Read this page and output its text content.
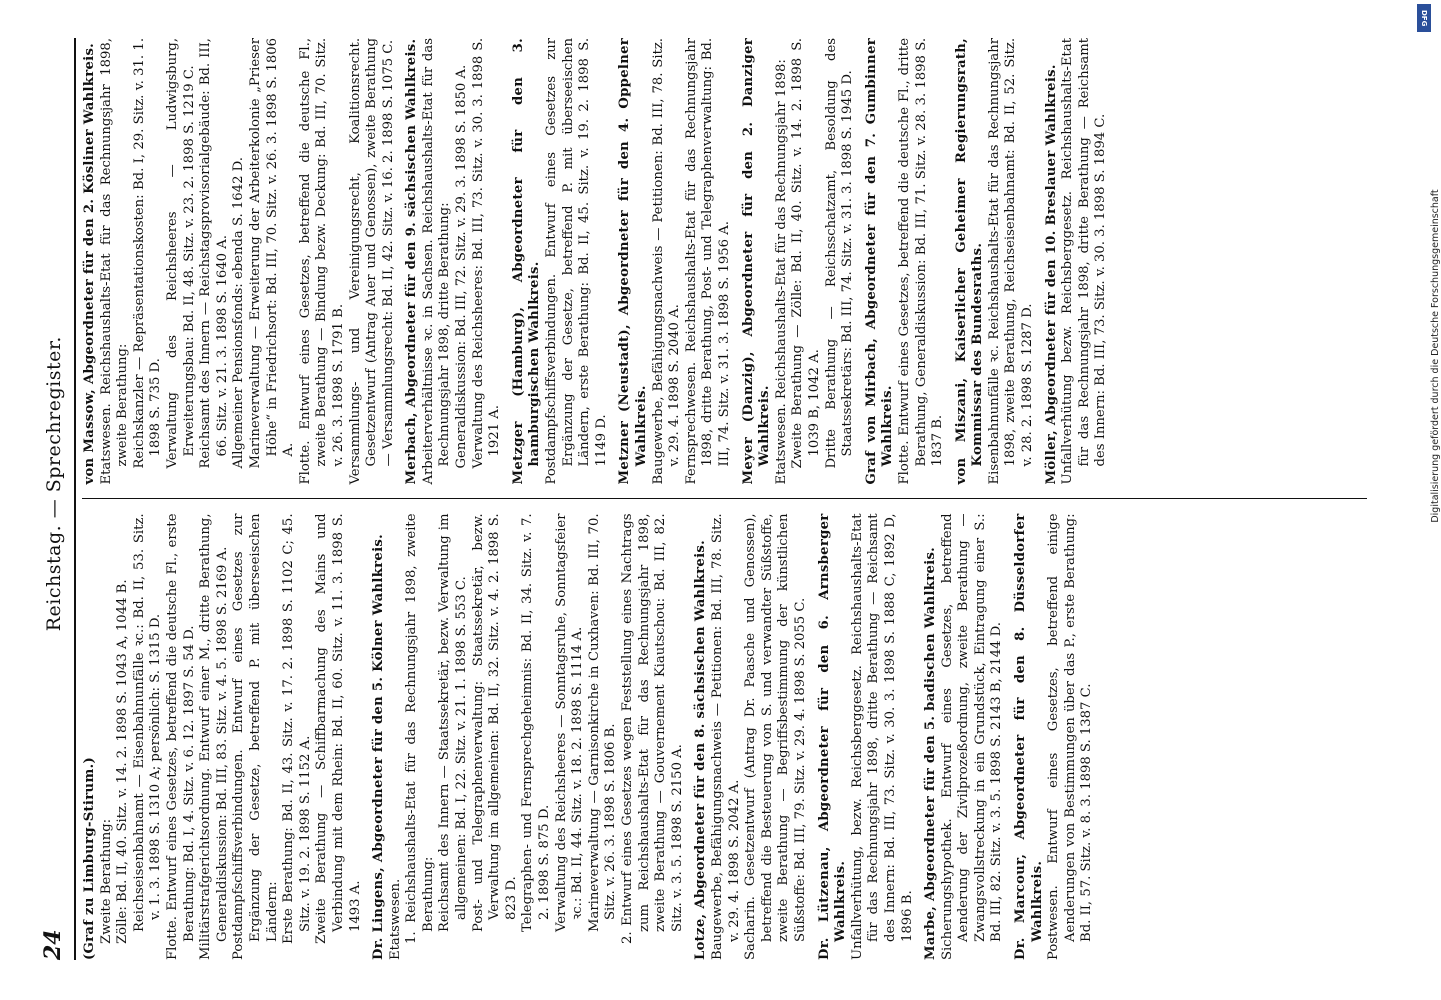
24
Reichstag. — Sprechregister.

(Graf zu Limburg-Stirum.) Zweite Berathung: Zölle: Bd. II, 40. Sitz. v. 14. 2. 1898 S. 1043 A, 1044 B. Reichseisenbahnamt — Eisenbahnunfälle ꝛc.: Bd. II, 53. Sitz. v. 1. 3. 1898 S. 1310 A; persönlich: S. 1315 D. Flotte. Entwurf eines Gesetzes, betreffend die deutsche Fl., erste Berathung: Bd. I, 4. Sitz. v. 6. 12. 1897 S. 54 D. Militärstrafgerichtsordnung. Entwurf einer M., dritte Berathung, Generaldiskussion: Bd. III, 83. Sitz. v. 4. 5. 1898 S. 2169 A. Postdampfschiffsverbindungen. Entwurf eines Gesetzes zur Ergänzung der Gesetze, betreffend P. mit überseeischen Ländern: Erste Berathung: Bd. II, 43. Sitz. v. 17. 2. 1898 S. 1102 C; 45. Sitz. v. 19. 2. 1898 S. 1152 A. Zweite Berathung — Schiffbarmachung des Mains und Verbindung mit dem Rhein: Bd. II, 60. Sitz. v. 11. 3. 1898 S. 1493 A. Dr. Lingens, Abgeordneter für den 5. Kölner Wahlkreis. Etatswesen. 1. Reichshaushalts-Etat für das Rechnungsjahr 1898, zweite Berathung: Reichsamt des Innern — Staatssekretär, bezw. Verwaltung im allgemeinen: Bd. I, 22. Sitz. v. 21. 1. 1898 S. 553 C. Post- und Telegraphenverwaltung: Staatssekretär, bezw. Verwaltung im allgemeinen: Bd. II, 32. Sitz. v. 4. 2. 1898 S. 823 D. Telegraphen- und Fernsprechgeheimnis: Bd. II, 34. Sitz. v. 7. 2. 1898 S. 875 D. Verwaltung des Reichsheeres — Sonntagsruhe, Sonntagsfeier ꝛc.: Bd. II, 44. Sitz. v. 18. 2. 1898 S. 1114 A. Marineverwaltung — Garnisonkirche in Cuxhaven: Bd. III, 70. Sitz. v. 26. 3. 1898 S. 1806 B. 2. Entwurf eines Gesetzes wegen Feststellung eines Nachtrags zum Reichshaushalts-Etat für das Rechnungsjahr 1898, zweite Berathung — Gouvernement Kiautschou: Bd. III, 82. Sitz. v. 3. 5. 1898 S. 2150 A. Lotze, Abgeordneter für den 8. sächsischen Wahlkreis. Baugewerbe, Befähigungsnachweis — Petitionen: Bd. III, 78. Sitz. v. 29. 4. 1898 S. 2042 A. Sacharin. Gesetzentwurf (Antrag Dr. Paasche und Genossen), betreffend die Besteuerung von S. und verwandter Süßstoffe, zweite Berathung — Begriffsbestimmung der künstlichen Süßstoffe: Bd. III, 79. Sitz. v. 29. 4. 1898 S. 2055 C. Dr. Lützenau, Abgeordneter für den 6. Arnsberger Wahlkreis. Unfallverhütung, bezw. Reichsberggesetz. Reichshaushalts-Etat für das Rechnungsjahr 1898, dritte Berathung — Reichsamt des Innern: Bd. III, 73. Sitz. v. 30. 3. 1898 S. 1888 C, 1892 D, 1896 B. Marbe, Abgeordneter für den 5. badischen Wahlkreis. Sicherungshypothek. Entwurf eines Gesetzes, betreffend Aenderung der Zivilprozeßordnung, zweite Berathung — Zwangsvollstreckung in ein Grundstück, Eintragung einer S.: Bd. III, 82. Sitz. v. 3. 5. 1898 S. 2143 B, 2144 D. Dr. Marcour, Abgeordneter für den 8. Düsseldorfer Wahlkreis. Postwesen. Entwurf eines Gesetzes, betreffend einige Aenderungen von Bestimmungen über das P., erste Berathung: Bd. II, 57. Sitz. v. 8. 3. 1898 S. 1387 C.

von Massow, Abgeordneter für den 2. Kösliner Wahlkreis. Etatswesen. Reichshaushalts-Etat für das Rechnungsjahr 1898, zweite Berathung: Reichskanzler — Repräsentationskosten: Bd. I, 29. Sitz. v. 31. 1. 1898 S. 735 D. Verwaltung des Reichsheeres — Ludwigsburg, Erweiterungsbau: Bd. II, 48. Sitz. v. 23. 2. 1898 S. 1219 C. Reichsamt des Innern — Reichstagsprovisorialgebäude: Bd. III, 66. Sitz. v. 21. 3. 1898 S. 1640 A. Allgemeiner Pensionsfonds: ebenda S. 1642 D. Marineverwaltung — Erweiterung der Arbeiterkolonie „Prieser Höhe“ in Friedrichsort: Bd. III, 70. Sitz. v. 26. 3. 1898 S. 1806 A. Flotte. Entwurf eines Gesetzes, betreffend die deutsche Fl., zweite Berathung — Bindung bezw. Deckung: Bd. III, 70. Sitz. v. 26. 3. 1898 S. 1791 B. Versammlungs- und Vereinigungsrecht, Koalitionsrecht. Gesetzentwurf (Antrag Auer und Genossen), zweite Berathung — Versammlungsrecht: Bd. II, 42. Sitz. v. 16. 2. 1898 S. 1075 C. Merbach, Abgeordneter für den 9. sächsischen Wahlkreis. Arbeiterverhältnisse ꝛc. in Sachsen. Reichshaushalts-Etat für das Rechnungsjahr 1898, dritte Berathung: Generaldiskussion: Bd. III, 72. Sitz. v. 29. 3. 1898 S. 1850 A. Verwaltung des Reichsheeres: Bd. III, 73. Sitz. v. 30. 3. 1898 S. 1921 A. Metzger (Hamburg), Abgeordneter für den 3. hamburgischen Wahlkreis. Postdampfschiffsverbindungen. Entwurf eines Gesetzes zur Ergänzung der Gesetze, betreffend P. mit überseeischen Ländern, erste Berathung: Bd. II, 45. Sitz. v. 19. 2. 1898 S. 1149 D. Metzner (Neustadt), Abgeordneter für den 4. Oppelner Wahlkreis. Baugewerbe, Befähigungsnachweis — Petitionen: Bd. III, 78. Sitz. v. 29. 4. 1898 S. 2040 A. Fernsprechwesen. Reichshaushalts-Etat für das Rechnungsjahr 1898, dritte Berathung, Post- und Telegraphenverwaltung: Bd. III, 74. Sitz. v. 31. 3. 1898 S. 1956 A. Meyer (Danzig), Abgeordneter für den 2. Danziger Wahlkreis. Etatswesen. Reichshaushalts-Etat für das Rechnungsjahr 1898: Zweite Berathung — Zölle: Bd. II, 40. Sitz. v. 14. 2. 1898 S. 1039 B, 1042 A. Dritte Berathung — Reichsschatzamt, Besoldung des Staatssekretärs: Bd. III, 74. Sitz. v. 31. 3. 1898 S. 1945 D. Graf von Mirbach, Abgeordneter für den 7. Gumbinner Wahlkreis. Flotte. Entwurf eines Gesetzes, betreffend die deutsche Fl., dritte Berathung, Generaldiskussion: Bd. III, 71. Sitz. v. 28. 3. 1898 S. 1837 B. von Miszani, Kaiserlicher Geheimer Regierungsrath, Kommissar des Bundesraths. Eisenbahnunfälle ꝛc. Reichshaushalts-Etat für das Rechnungsjahr 1898, zweite Berathung, Reichseisenbahnamt: Bd. II, 52. Sitz. v. 28. 2. 1898 S. 1287 D. Möller, Abgeordneter für den 10. Breslauer Wahlkreis. Unfallverhütung bezw. Reichsberggesetz. Reichshaushalts-Etat für das Rechnungsjahr 1898, dritte Berathung — Reichsamt des Innern: Bd. III, 73. Sitz. v. 30. 3. 1898 S. 1894 C.	Digitalisierung gefördert durch die Deutsche Forschungsgemeinschaft
DFG
